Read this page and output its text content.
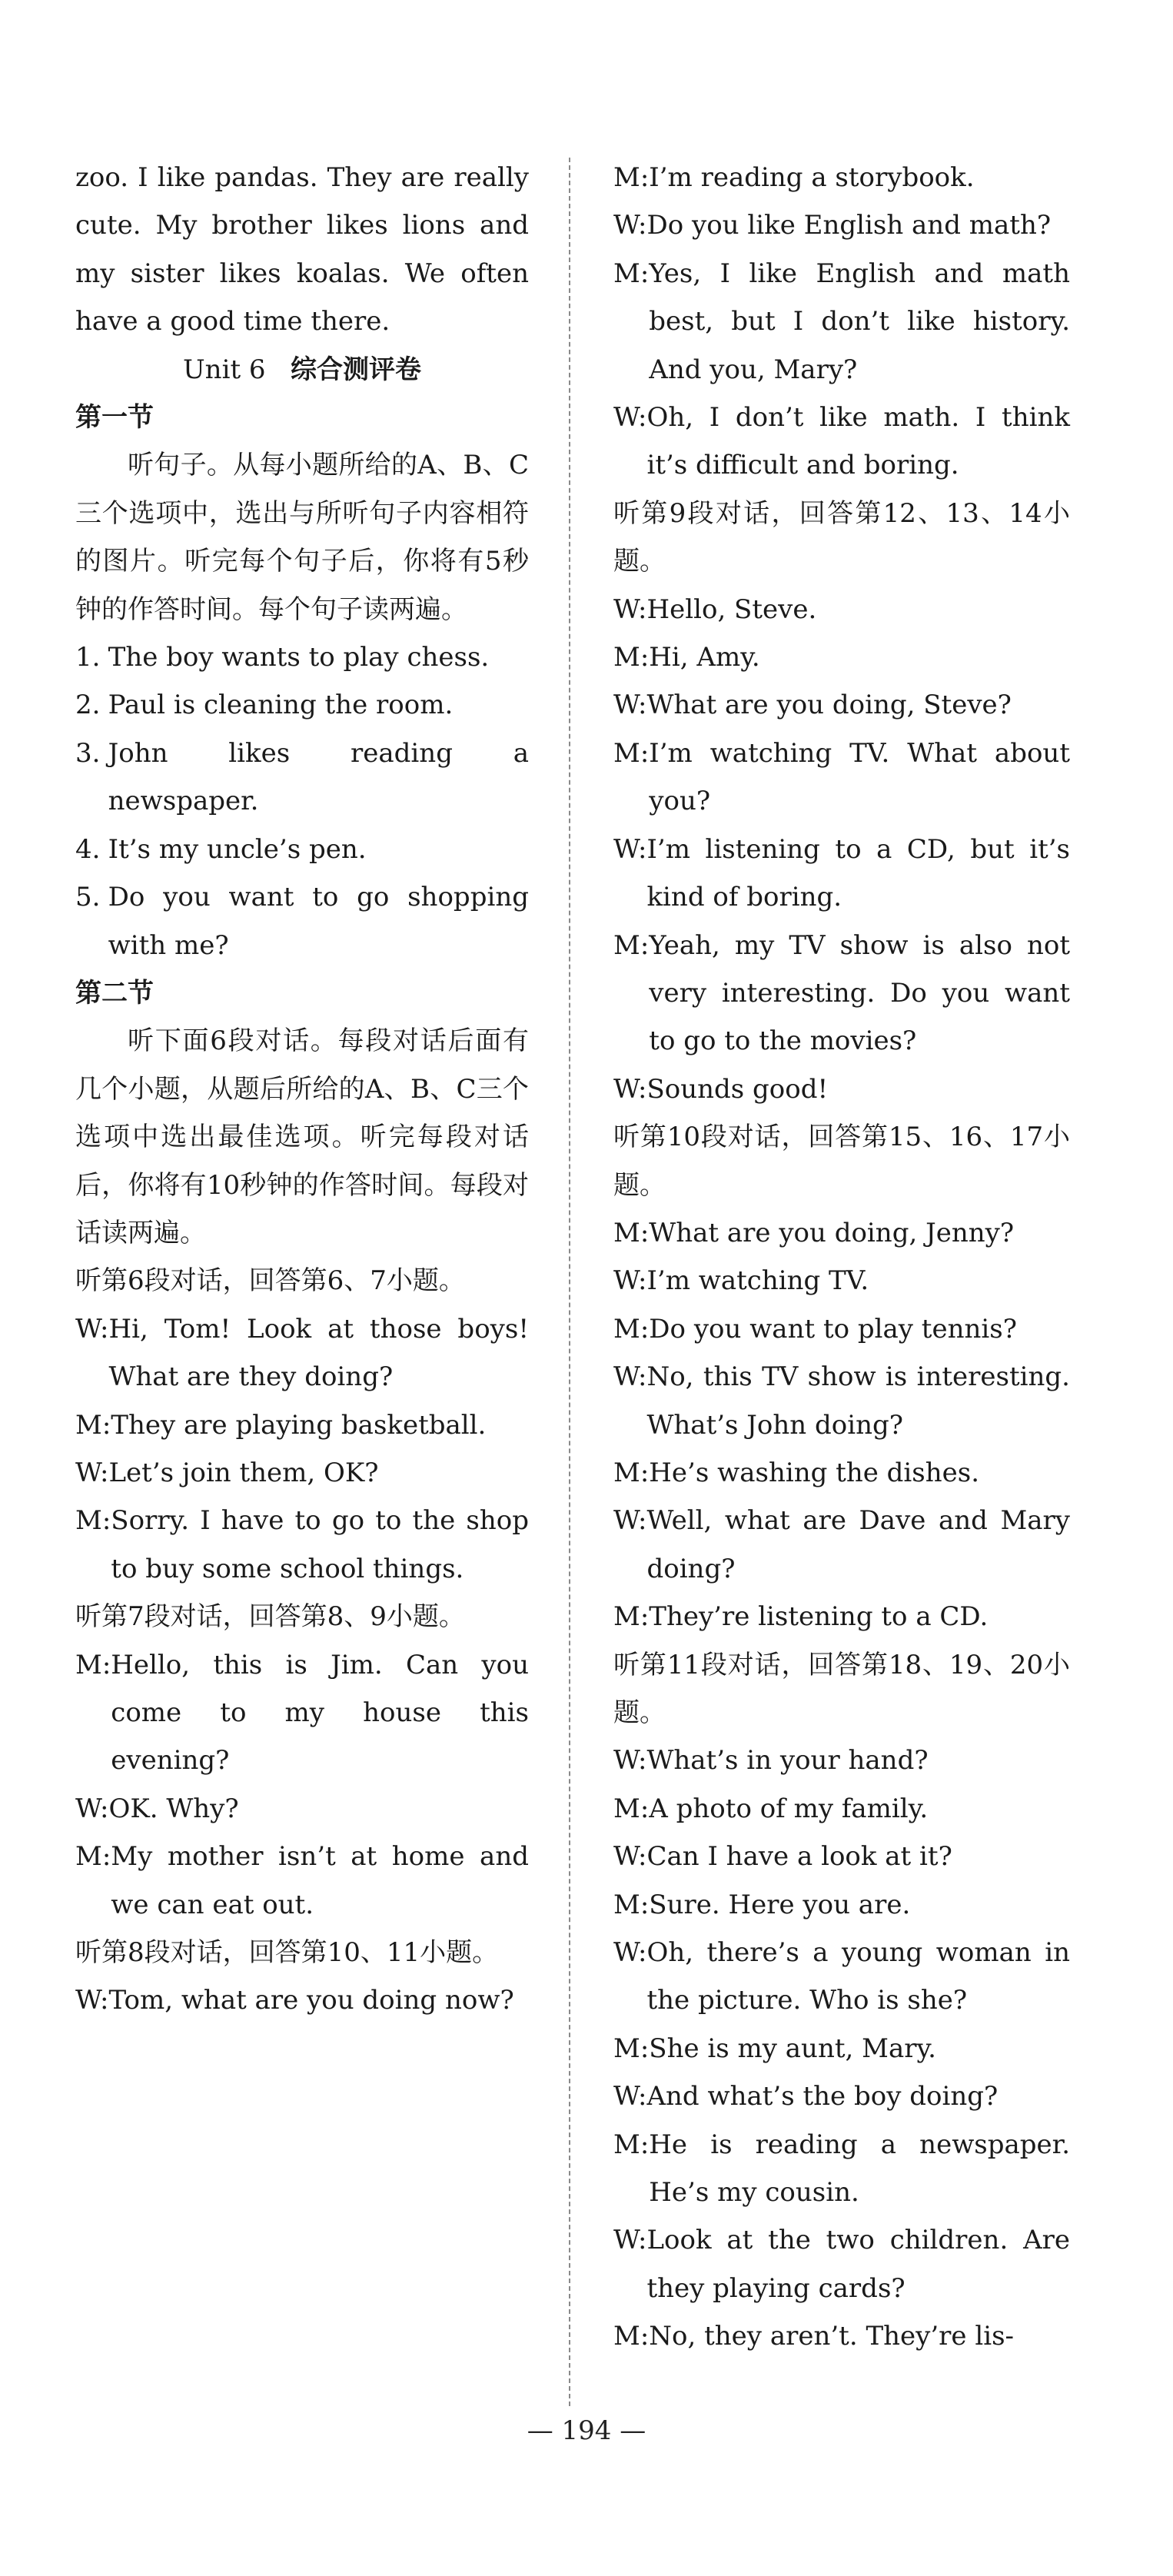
zoo. I like pandas. They are really cute. My brother likes lions and my sister likes koalas. We often have a good time there.

Unit 6 综合测评卷

第一节

听句子。从每小题所给的A、B、C三个选项中，选出与所听句子内容相符的图片。听完每个句子后，你将有5秒钟的作答时间。每个句子读两遍。

1. The boy wants to play chess.
2. Paul is cleaning the room.
3. John likes reading a newspaper.
4. It’s my uncle’s pen.
5. Do you want to go shopping with me?

第二节

听下面6段对话。每段对话后面有几个小题，从题后所给的A、B、C三个选项中选出最佳选项。听完每段对话后，你将有10秒钟的作答时间。每段对话读两遍。

听第6段对话，回答第6、7小题。

W: Hi, Tom! Look at those boys! What are they doing?
M: They are playing basketball.
W: Let’s join them, OK?
M: Sorry. I have to go to the shop to buy some school things.

听第7段对话，回答第8、9小题。

M: Hello, this is Jim. Can you come to my house this evening?
W: OK. Why?
M: My mother isn’t at home and we can eat out.

听第8段对话，回答第10、11小题。

W: Tom, what are you doing now?
M: I’m reading a storybook.
W: Do you like English and math?
M: Yes, I like English and math best, but I don’t like history. And you, Mary?
W: Oh, I don’t like math. I think it’s difficult and boring.

听第9段对话，回答第12、13、14小题。

W: Hello, Steve.
M: Hi, Amy.
W: What are you doing, Steve?
M: I’m watching TV. What about you?
W: I’m listening to a CD, but it’s kind of boring.
M: Yeah, my TV show is also not very interesting. Do you want to go to the movies?
W: Sounds good!

听第10段对话，回答第15、16、17小题。

M: What are you doing, Jenny?
W: I’m watching TV.
M: Do you want to play tennis?
W: No, this TV show is interesting. What’s John doing?
M: He’s washing the dishes.
W: Well, what are Dave and Mary doing?
M: They’re listening to a CD.

听第11段对话，回答第18、19、20小题。

W: What’s in your hand?
M: A photo of my family.
W: Can I have a look at it?
M: Sure. Here you are.
W: Oh, there’s a young woman in the picture. Who is she?
M: She is my aunt, Mary.
W: And what’s the boy doing?
M: He is reading a newspaper. He’s my cousin.
W: Look at the two children. Are they playing cards?
M: No, they aren’t. They’re lis-
— 194 —
